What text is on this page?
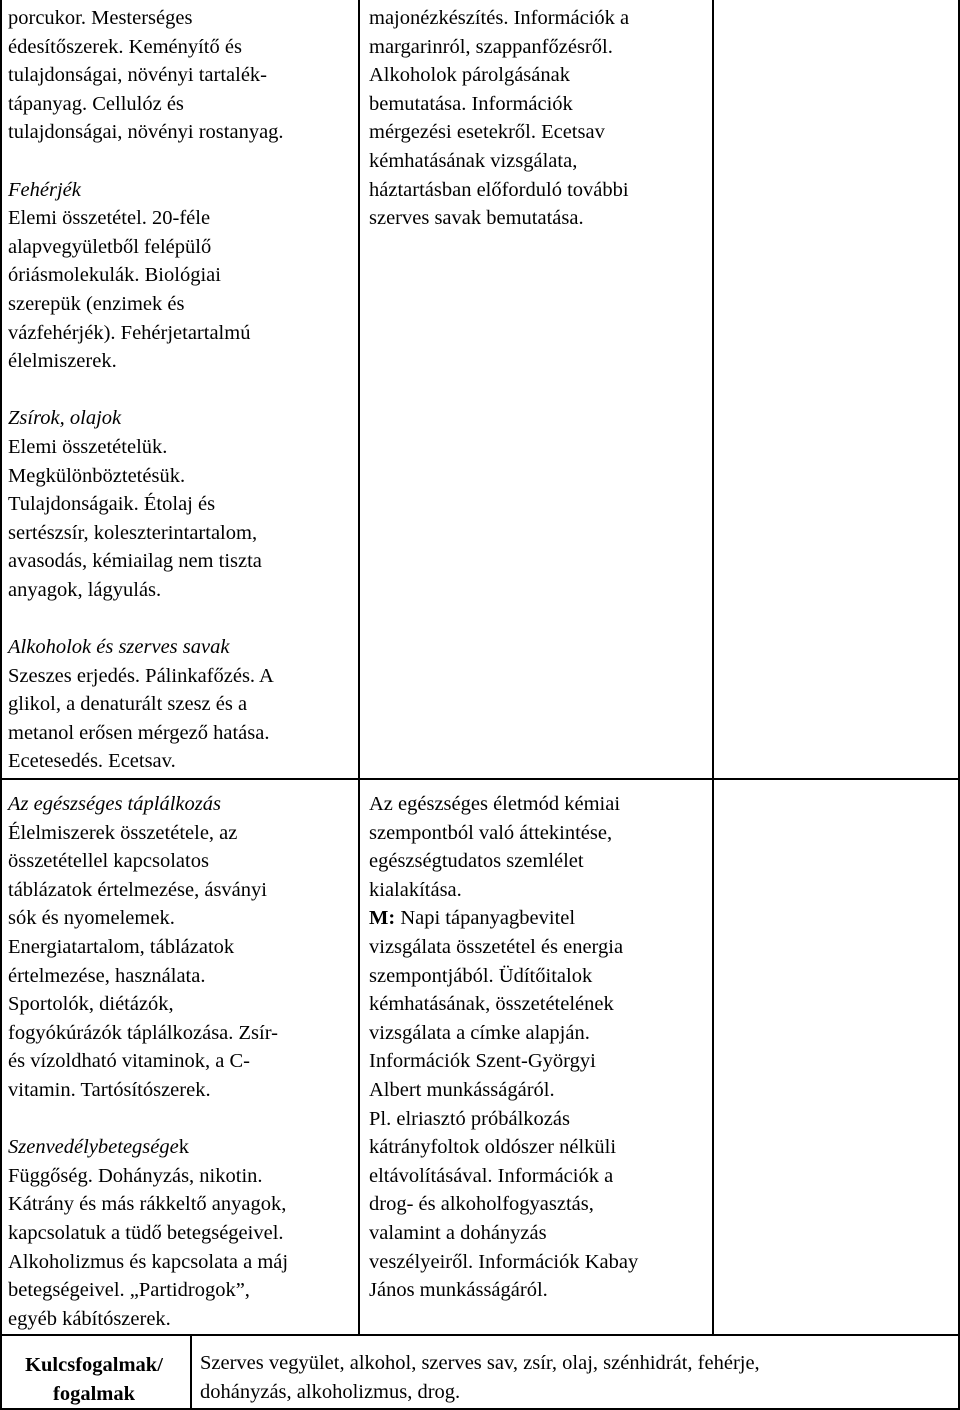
porcukor. Mesterséges

édesítőszerek. Keményítő és

tulajdonságai, növényi tartalék-

tápanyag. Cellulóz és

tulajdonságai, növényi rostanyag.

Fehérjék

Elemi összetétel. 20-féle

alapvegyületből felépülő

óriásmolekulák. Biológiai

szerepük (enzimek és

vázfehérjék). Fehérjetartalmú

élelmiszerek.

Zsírok, olajok

Elemi összetételük.

Megkülönböztetésük.

Tulajdonságaik. Étolaj és

sertészsír, koleszterintartalom,

avasodás, kémiailag nem tiszta

anyagok, lágyulás.

Alkoholok és szerves savak

Szeszes erjedés. Pálinkafőzés. A

glikol, a denaturált szesz és a

metanol erősen mérgező hatása.

Ecetesedés. Ecetsav.

majonézkészítés. Információk a

margarinról, szappanfőzésről.

Alkoholok párolgásának

bemutatása. Információk

mérgezési esetekről. Ecetsav

kémhatásának vizsgálata,

háztartásban előforduló további

szerves savak bemutatása.

Az egészséges táplálkozás

Élelmiszerek összetétele, az

összetétellel kapcsolatos

táblázatok értelmezése, ásványi

sók és nyomelemek.

Energiatartalom, táblázatok

értelmezése, használata.

Sportolók, diétázók,

fogyókúrázók táplálkozása. Zsír-

és vízoldható vitaminok, a C-

vitamin. Tartósítószerek.

Szenvedélybetegségek

Függőség. Dohányzás, nikotin.

Kátrány és más rákkeltő anyagok,

kapcsolatuk a tüdő betegségeivel.

Alkoholizmus és kapcsolata a máj

betegségeivel. „Partidrogok”,

egyéb kábítószerek.

Az egészséges életmód kémiai

szempontból való áttekintése,

egészségtudatos szemlélet

kialakítása.

M: Napi tápanyagbevitel

vizsgálata összetétel és energia

szempontjából. Üdítőitalok

kémhatásának, összetételének

vizsgálata a címke alapján.

Információk Szent-Györgyi

Albert munkásságáról.

Pl. elriasztó próbálkozás

kátrányfoltok oldószer nélküli

eltávolításával. Információk a

drog- és alkoholfogyasztás,

valamint a dohányzás

veszélyeiről. Információk Kabay

János munkásságáról.

Kulcsfogalmak/
fogalmak
Szerves vegyület, alkohol, szerves sav, zsír, olaj, szénhidrát, fehérje,
dohányzás, alkoholizmus, drog.
